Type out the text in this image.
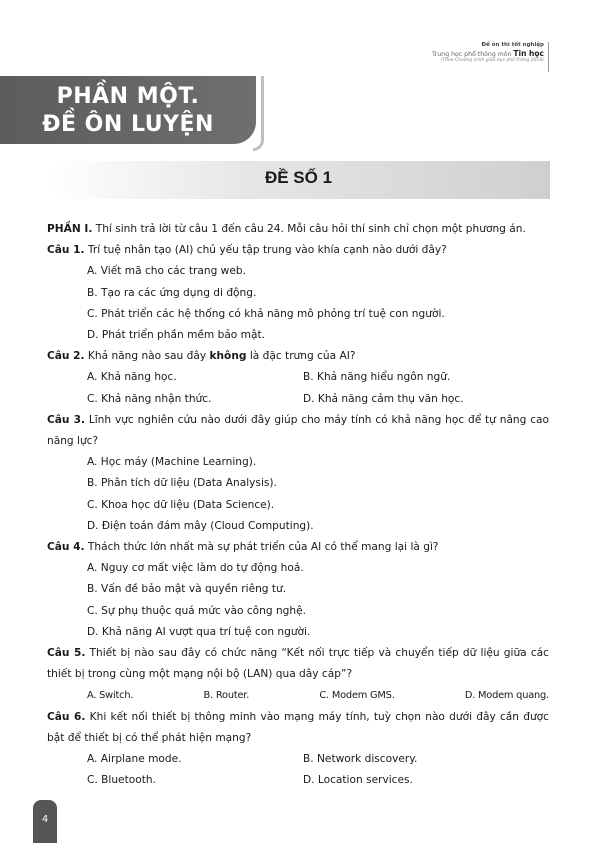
Đề ôn thi tốt nghiệp
Trung học phổ thông môn Tin học
(Theo Chương trình giáo dục phổ thông 2018)
PHẦN MỘT.
ĐỀ ÔN LUYỆN
ĐỀ SỐ 1

PHẦN I. Thí sinh trả lời từ câu 1 đến câu 24. Mỗi câu hỏi thí sinh chỉ chọn một phương án.

Câu 1. Trí tuệ nhân tạo (AI) chủ yếu tập trung vào khía cạnh nào dưới đây?

A. Viết mã cho các trang web.

B. Tạo ra các ứng dụng di động.

C. Phát triển các hệ thống có khả năng mô phỏng trí tuệ con người.

D. Phát triển phần mềm bảo mật.

Câu 2. Khả năng nào sau đây không là đặc trưng của AI?

A. Khả năng học.	B. Khả năng hiểu ngôn ngữ.
C. Khả năng nhận thức.	D. Khả năng cảm thụ văn học.

Câu 3. Lĩnh vực nghiên cứu nào dưới đây giúp cho máy tính có khả năng học để tự nâng cao năng lực?

A. Học máy (Machine Learning).

B. Phân tích dữ liệu (Data Analysis).

C. Khoa học dữ liệu (Data Science).

D. Điện toán đám mây (Cloud Computing).

Câu 4. Thách thức lớn nhất mà sự phát triển của AI có thể mang lại là gì?

A. Nguy cơ mất việc làm do tự động hoá.

B. Vấn đề bảo mật và quyền riêng tư.

C. Sự phụ thuộc quá mức vào công nghệ.

D. Khả năng AI vượt qua trí tuệ con người.

Câu 5. Thiết bị nào sau đây có chức năng “Kết nối trực tiếp và chuyển tiếp dữ liệu giữa các thiết bị trong cùng một mạng nội bộ (LAN) qua dây cáp”?

A. Switch.	B. Router.	C. Modem GMS.	D. Modem quang.

Câu 6. Khi kết nối thiết bị thông minh vào mạng máy tính, tuỳ chọn nào dưới đây cần được bật để thiết bị có thể phát hiện mạng?

A. Airplane mode.	B. Network discovery.
C. Bluetooth.	D. Location services.
4
